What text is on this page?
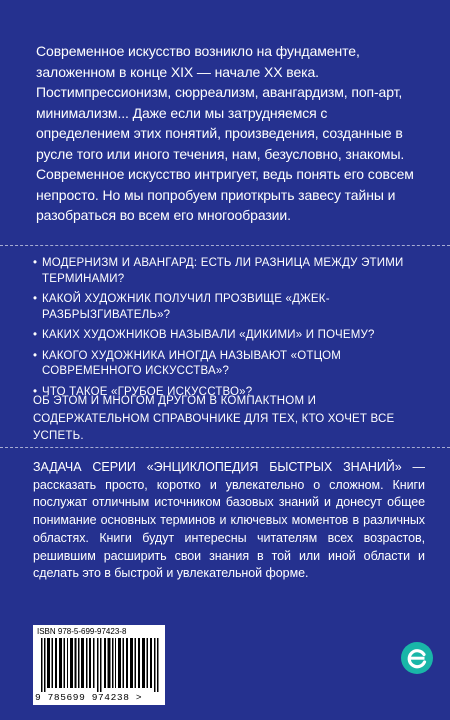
Современное искусство возникло на фундаменте, заложенном в конце XIX — начале XX века. Постимпрессионизм, сюрреализм, авангардизм, поп-арт, минимализм... Даже если мы затрудняемся с определением этих понятий, произведения, созданные в русле того или иного течения, нам, безусловно, знакомы. Современное искусство интригует, ведь понять его совсем непросто. Но мы попробуем приоткрыть завесу тайны и разобраться во всем его многообразии.

• МОДЕРНИЗМ И АВАНГАРД: ЕСТЬ ЛИ РАЗНИЦА МЕЖДУ ЭТИМИ ТЕРМИНАМИ?
• КАКОЙ ХУДОЖНИК ПОЛУЧИЛ ПРОЗВИЩЕ «ДЖЕК-РАЗБРЫЗГИВАТЕЛЬ»?
• КАКИХ ХУДОЖНИКОВ НАЗЫВАЛИ «ДИКИМИ» И ПОЧЕМУ?
• КАКОГО ХУДОЖНИКА ИНОГДА НАЗЫВАЮТ «ОТЦОМ СОВРЕМЕННОГО ИСКУССТВА»?
• ЧТО ТАКОЕ «ГРУБОЕ ИСКУССТВО»?

ОБ ЭТОМ И МНОГОМ ДРУГОМ В КОМПАКТНОМ И СОДЕРЖАТЕЛЬНОМ СПРАВОЧНИКЕ ДЛЯ ТЕХ, КТО ХОЧЕТ ВСЕ УСПЕТЬ.

ЗАДАЧА СЕРИИ «ЭНЦИКЛОПЕДИЯ БЫСТРЫХ ЗНАНИЙ» — рассказать просто, коротко и увлекательно о сложном. Книги послужат отличным источником базовых знаний и донесут общее понимание основных терминов и ключевых моментов в различных областях. Книги будут интересны читателям всех возрастов, решившим расширить свои знания в той или иной области и сделать это в быстрой и увлекательной форме.

ISBN 978-5-699-97423-8
9 785699 974238 >
